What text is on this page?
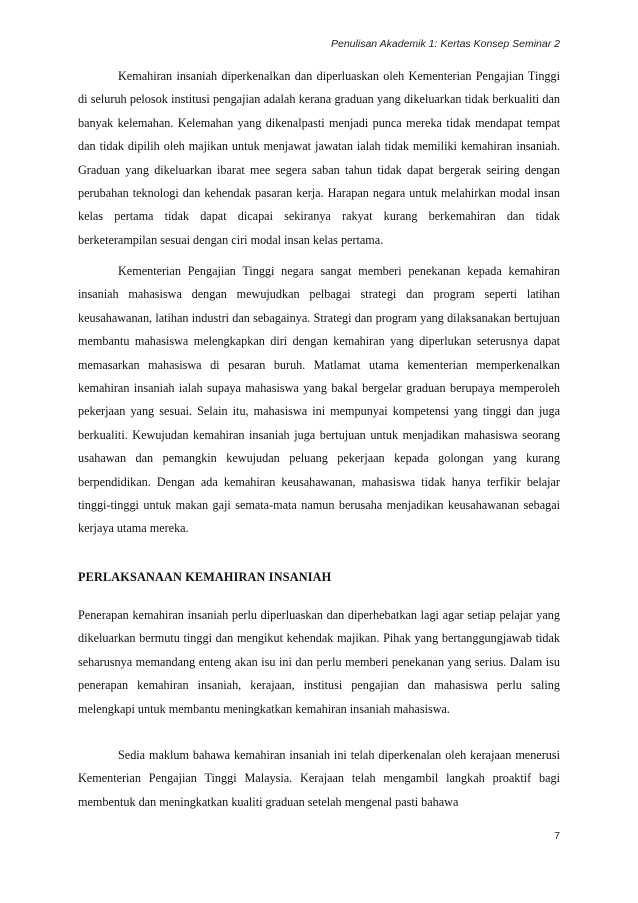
Penulisan Akademik 1: Kertas Konsep Seminar 2

Kemahiran insaniah diperkenalkan dan diperluaskan oleh Kementerian Pengajian Tinggi di seluruh pelosok institusi pengajian adalah kerana graduan yang dikeluarkan tidak berkualiti dan banyak kelemahan. Kelemahan yang dikenalpasti menjadi punca mereka tidak mendapat tempat dan tidak dipilih oleh majikan untuk menjawat jawatan ialah tidak memiliki kemahiran insaniah. Graduan yang dikeluarkan ibarat mee segera saban tahun tidak dapat bergerak seiring dengan perubahan teknologi dan kehendak pasaran kerja. Harapan negara untuk melahirkan modal insan kelas pertama tidak dapat dicapai sekiranya rakyat kurang berkemahiran dan tidak berketerampilan sesuai dengan ciri modal insan kelas pertama.

Kementerian Pengajian Tinggi negara sangat memberi penekanan kepada kemahiran insaniah mahasiswa dengan mewujudkan pelbagai strategi dan program seperti latihan keusahawanan, latihan industri dan sebagainya. Strategi dan program yang dilaksanakan bertujuan membantu mahasiswa melengkapkan diri dengan kemahiran yang diperlukan seterusnya dapat memasarkan mahasiswa di pesaran buruh. Matlamat utama kementerian memperkenalkan kemahiran insaniah ialah supaya mahasiswa yang bakal bergelar graduan berupaya memperoleh pekerjaan yang sesuai. Selain itu, mahasiswa ini mempunyai kompetensi yang tinggi dan juga berkualiti. Kewujudan kemahiran insaniah juga bertujuan untuk menjadikan mahasiswa seorang usahawan dan pemangkin kewujudan peluang pekerjaan kepada golongan yang kurang berpendidikan. Dengan ada kemahiran keusahawanan, mahasiswa tidak hanya terfikir belajar tinggi-tinggi untuk makan gaji semata-mata namun berusaha menjadikan keusahawanan sebagai kerjaya utama mereka.

PERLAKSANAAN KEMAHIRAN INSANIAH

Penerapan kemahiran insaniah perlu diperluaskan dan diperhebatkan lagi agar setiap pelajar yang dikeluarkan bermutu tinggi dan mengikut kehendak majikan. Pihak yang bertanggungjawab tidak seharusnya memandang enteng akan isu ini dan perlu memberi penekanan yang serius. Dalam isu penerapan kemahiran insaniah, kerajaan, institusi pengajian dan mahasiswa perlu saling melengkapi untuk membantu meningkatkan kemahiran insaniah mahasiswa.

Sedia maklum bahawa kemahiran insaniah ini telah diperkenalan oleh kerajaan menerusi Kementerian Pengajian Tinggi Malaysia. Kerajaan telah mengambil langkah proaktif bagi membentuk dan meningkatkan kualiti graduan setelah mengenal pasti bahawa

7
